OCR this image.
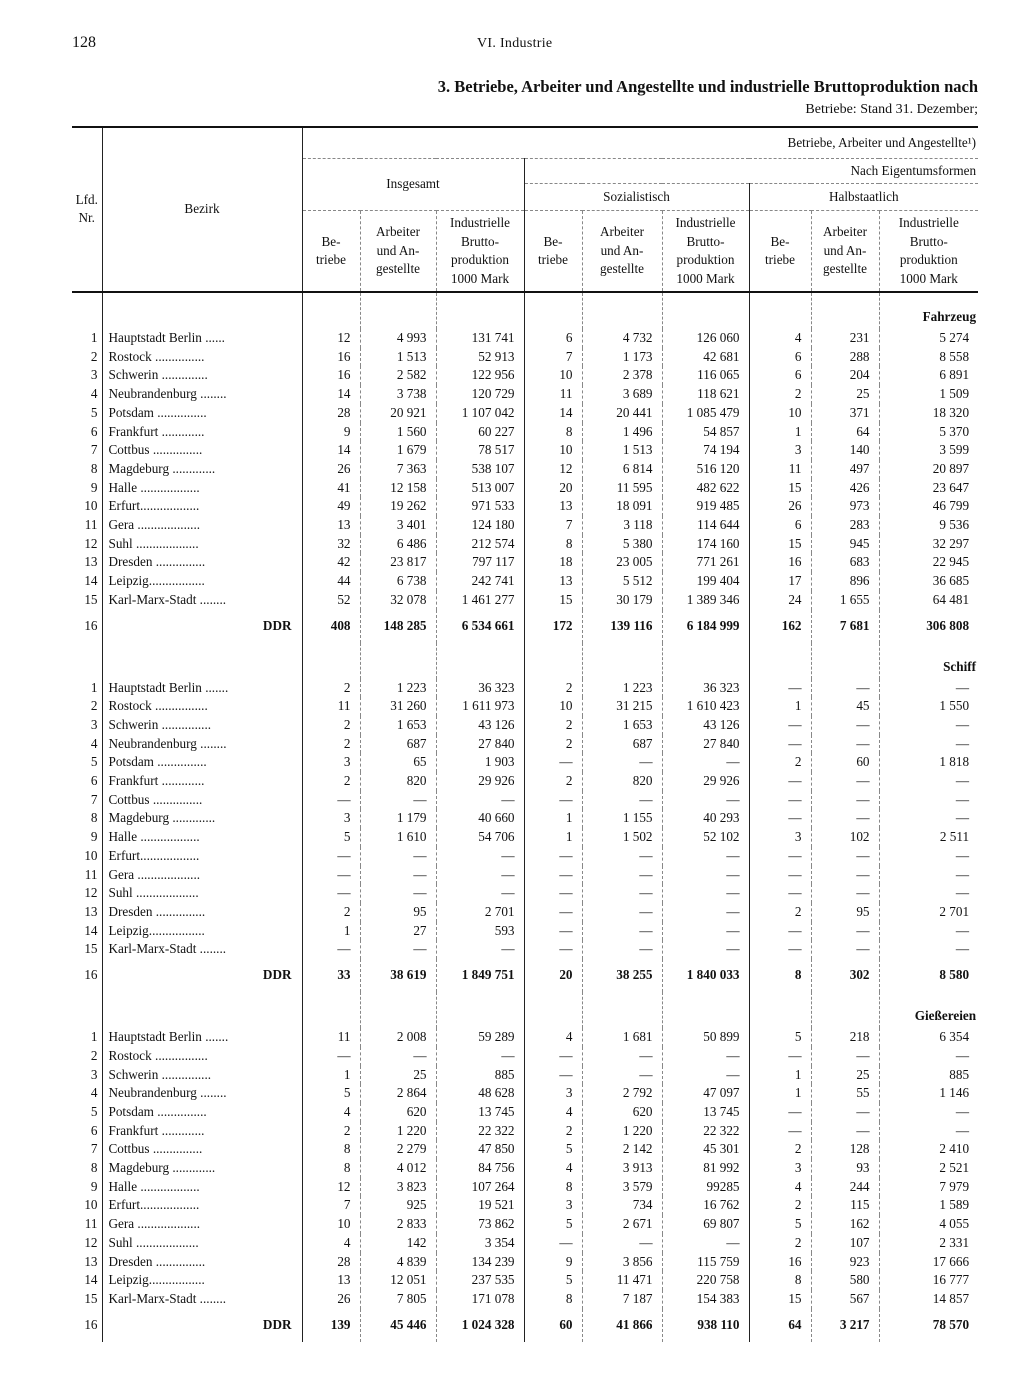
128	VI. Industrie
3. Betriebe, Arbeiter und Angestellte und industrielle Bruttoproduktion nach
Betriebe: Stand 31. Dezember;
Lfd. Nr.	Bezirk	Betriebe, Arbeiter und Angestellte¹)								
		Insgesamt			Nach Eigentumsformen					
					Sozialistisch			Halbstaatlich		
		Be- triebe	Arbeiter und An- gestellte	Industrielle Brutto- produktion 1000 Mark	Be- triebe	Arbeiter und An- gestellte	Industrielle Brutto- produktion 1000 Mark	Be- triebe	Arbeiter und An- gestellte	Industrielle Brutto- produktion 1000 Mark

										Fahrzeug
1	Hauptstadt Berlin ......	12	4 993	131 741	6	4 732	126 060	4	231	5 274
2	Rostock ...............	16	1 513	52 913	7	1 173	42 681	6	288	8 558
3	Schwerin ..............	16	2 582	122 956	10	2 378	116 065	6	204	6 891
4	Neubrandenburg ........	14	3 738	120 729	11	3 689	118 621	2	25	1 509
5	Potsdam ...............	28	20 921	1 107 042	14	20 441	1 085 479	10	371	18 320
6	Frankfurt .............	9	1 560	60 227	8	1 496	54 857	1	64	5 370
7	Cottbus ...............	14	1 679	78 517	10	1 513	74 194	3	140	3 599
8	Magdeburg .............	26	7 363	538 107	12	6 814	516 120	11	497	20 897
9	Halle ..................	41	12 158	513 007	20	11 595	482 622	15	426	23 647
10	Erfurt..................	49	19 262	971 533	13	18 091	919 485	26	973	46 799
11	Gera ...................	13	3 401	124 180	7	3 118	114 644	6	283	9 536
12	Suhl ...................	32	6 486	212 574	8	5 380	174 160	15	945	32 297
13	Dresden ...............	42	23 817	797 117	18	23 005	771 261	16	683	22 945
14	Leipzig.................	44	6 738	242 741	13	5 512	199 404	17	896	36 685
15	Karl-Marx-Stadt ........	52	32 078	1 461 277	15	30 179	1 389 346	24	1 655	64 481
16	DDR	408	148 285	6 534 661	172	139 116	6 184 999	162	7 681	306 808
										Schiff
1	Hauptstadt Berlin .......	2	1 223	36 323	2	1 223	36 323	—	—	—
2	Rostock ................	11	31 260	1 611 973	10	31 215	1 610 423	1	45	1 550
3	Schwerin ...............	2	1 653	43 126	2	1 653	43 126	—	—	—
4	Neubrandenburg ........	2	687	27 840	2	687	27 840	—	—	—
5	Potsdam ...............	3	65	1 903	—	—	—	2	60	1 818
6	Frankfurt .............	2	820	29 926	2	820	29 926	—	—	—
7	Cottbus ...............	—	—	—	—	—	—	—	—	—
8	Magdeburg .............	3	1 179	40 660	1	1 155	40 293	—	—	—
9	Halle ..................	5	1 610	54 706	1	1 502	52 102	3	102	2 511
10	Erfurt..................	—	—	—	—	—	—	—	—	—
11	Gera ...................	—	—	—	—	—	—	—	—	—
12	Suhl ...................	—	—	—	—	—	—	—	—	—
13	Dresden ...............	2	95	2 701	—	—	—	2	95	2 701
14	Leipzig.................	1	27	593	—	—	—	—	—	—
15	Karl-Marx-Stadt ........	—	—	—	—	—	—	—	—	—
16	DDR	33	38 619	1 849 751	20	38 255	1 840 033	8	302	8 580
										Gießereien
1	Hauptstadt Berlin .......	11	2 008	59 289	4	1 681	50 899	5	218	6 354
2	Rostock ................	—	—	—	—	—	—	—	—	—
3	Schwerin ...............	1	25	885	—	—	—	1	25	885
4	Neubrandenburg ........	5	2 864	48 628	3	2 792	47 097	1	55	1 146
5	Potsdam ...............	4	620	13 745	4	620	13 745	—	—	—
6	Frankfurt .............	2	1 220	22 322	2	1 220	22 322	—	—	—
7	Cottbus ...............	8	2 279	47 850	5	2 142	45 301	2	128	2 410
8	Magdeburg .............	8	4 012	84 756	4	3 913	81 992	3	93	2 521
9	Halle ..................	12	3 823	107 264	8	3 579	99285	4	244	7 979
10	Erfurt..................	7	925	19 521	3	734	16 762	2	115	1 589
11	Gera ...................	10	2 833	73 862	5	2 671	69 807	5	162	4 055
12	Suhl ...................	4	142	3 354	—	—	—	2	107	2 331
13	Dresden ...............	28	4 839	134 239	9	3 856	115 759	16	923	17 666
14	Leipzig.................	13	12 051	237 535	5	11 471	220 758	8	580	16 777
15	Karl-Marx-Stadt ........	26	7 805	171 078	8	7 187	154 383	15	567	14 857
16	DDR	139	45 446	1 024 328	60	41 866	938 110	64	3 217	78 570
